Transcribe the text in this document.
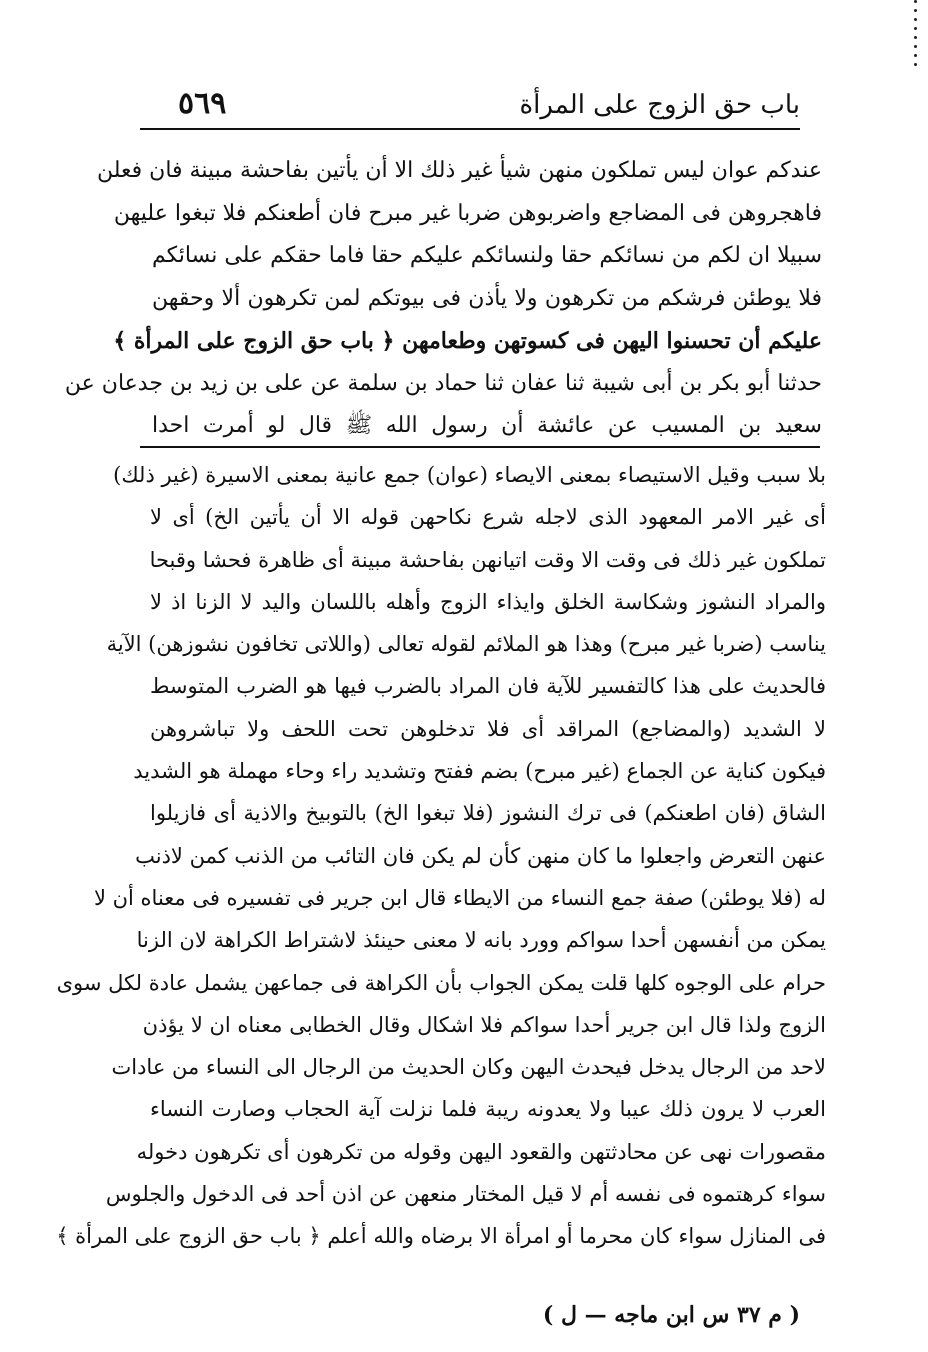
٥٦٩	باب حق الزوج على المرأة
عندكم عوان ليس تملكون منهن شيأ غير ذلك الا أن يأتين بفاحشة مبينة فان فعلن
فاهجروهن فى المضاجع واضربوهن ضربا غير مبرح فان أطعنكم فلا تبغوا عليهن
سبيلا ان لكم من نسائكم حقا ولنسائكم عليكم حقا فاما حقكم على نسائكم
فلا يوطئن فرشكم من تكرهون ولا يأذن فى بيوتكم لمن تكرهون ألا وحقهن
عليكم أن تحسنوا اليهن فى كسوتهن وطعامهن ﴿ باب حق الزوج على المرأة ﴾
حدثنا أبو بكر بن أبى شيبة ثنا عفان ثنا حماد بن سلمة عن على بن زيد بن جدعان عن
سعيد بن المسيب عن عائشة أن رسول الله ﷺ قال لو أمرت احدا
بلا سبب وقيل الاستيصاء بمعنى الايصاء (عوان) جمع عانية بمعنى الاسيرة (غير ذلك)
أى غير الامر المعهود الذى لاجله شرع نكاحهن قوله الا أن يأتين الخ) أى لا
تملكون غير ذلك فى وقت الا وقت اتيانهن بفاحشة مبينة أى ظاهرة فحشا وقبحا
والمراد النشوز وشكاسة الخلق وايذاء الزوج وأهله باللسان واليد لا الزنا اذ لا
يناسب (ضربا غير مبرح) وهذا هو الملائم لقوله تعالى (واللاتى تخافون نشوزهن) الآية
فالحديث على هذا كالتفسير للآية فان المراد بالضرب فيها هو الضرب المتوسط
لا الشديد (والمضاجع) المراقد أى فلا تدخلوهن تحت اللحف ولا تباشروهن
فيكون كناية عن الجماع (غير مبرح) بضم ففتح وتشديد راء وحاء مهملة هو الشديد
الشاق (فان اطعنكم) فى ترك النشوز (فلا تبغوا الخ) بالتوبيخ والاذية أى فازيلوا
عنهن التعرض واجعلوا ما كان منهن كأن لم يكن فان التائب من الذنب كمن لاذنب
له (فلا يوطئن) صفة جمع النساء من الايطاء قال ابن جرير فى تفسيره فى معناه أن لا
يمكن من أنفسهن أحدا سواكم وورد بانه لا معنى حينئذ لاشتراط الكراهة لان الزنا
حرام على الوجوه كلها قلت يمكن الجواب بأن الكراهة فى جماعهن يشمل عادة لكل سوى
الزوج ولذا قال ابن جرير أحدا سواكم فلا اشكال وقال الخطابى معناه ان لا يؤذن
لاحد من الرجال يدخل فيحدث اليهن وكان الحديث من الرجال الى النساء من عادات
العرب لا يرون ذلك عيبا ولا يعدونه ريبة فلما نزلت آية الحجاب وصارت النساء
مقصورات نهى عن محادثتهن والقعود اليهن وقوله من تكرهون أى تكرهون دخوله
سواء كرهتموه فى نفسه أم لا قيل المختار منعهن عن اذن أحد فى الدخول والجلوس
فى المنازل سواء كان محرما أو امرأة الا برضاه والله أعلم ﴿ باب حق الزوج على المرأة ﴾
( م ٣٧ س ابن ماجه — ل )
